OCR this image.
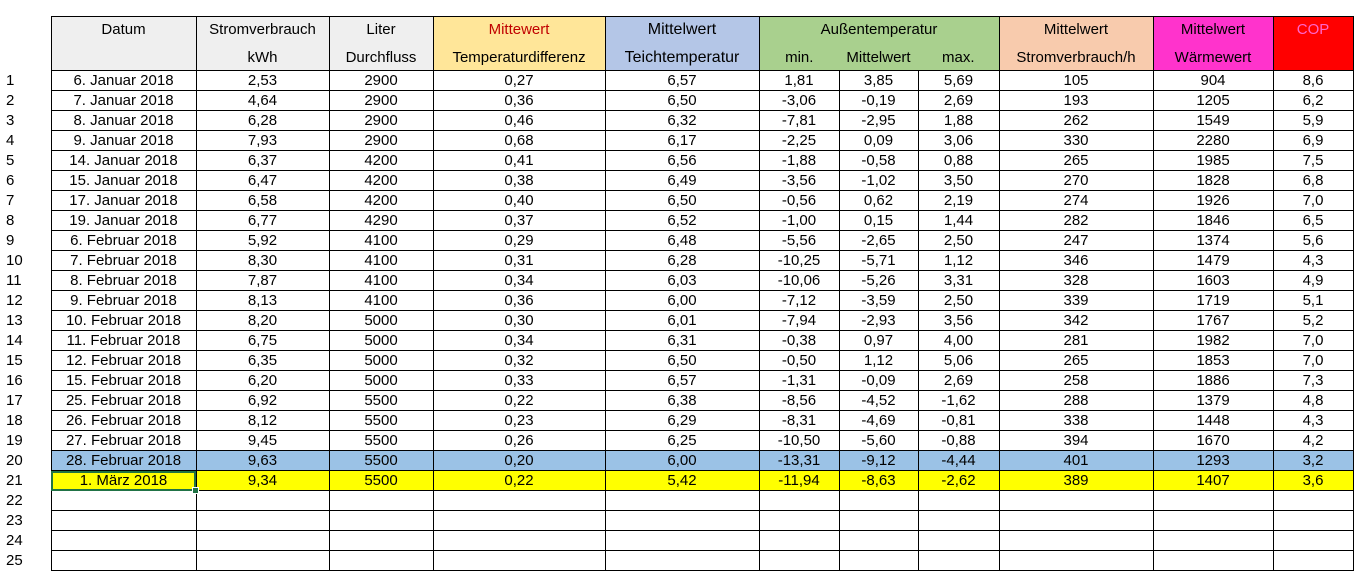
	Datum	Stromverbrauch	Liter	Mittewert	Mittelwert	Außentemperatur			Mittelwert	Mittelwert	COP
		kWh	Durchfluss	Temperaturdifferenz	Teichtemperatur	min.	Mittelwert	max.	Stromverbrauch/h	Wärmewert	
1	6. Januar 2018	2,53	2900	0,27	6,57	1,81	3,85	5,69	105	904	8,6
2	7. Januar 2018	4,64	2900	0,36	6,50	-3,06	-0,19	2,69	193	1205	6,2
3	8. Januar 2018	6,28	2900	0,46	6,32	-7,81	-2,95	1,88	262	1549	5,9
4	9. Januar 2018	7,93	2900	0,68	6,17	-2,25	0,09	3,06	330	2280	6,9
5	14. Januar 2018	6,37	4200	0,41	6,56	-1,88	-0,58	0,88	265	1985	7,5
6	15. Januar 2018	6,47	4200	0,38	6,49	-3,56	-1,02	3,50	270	1828	6,8
7	17. Januar 2018	6,58	4200	0,40	6,50	-0,56	0,62	2,19	274	1926	7,0
8	19. Januar 2018	6,77	4290	0,37	6,52	-1,00	0,15	1,44	282	1846	6,5
9	6. Februar 2018	5,92	4100	0,29	6,48	-5,56	-2,65	2,50	247	1374	5,6
10	7. Februar 2018	8,30	4100	0,31	6,28	-10,25	-5,71	1,12	346	1479	4,3
11	8. Februar 2018	7,87	4100	0,34	6,03	-10,06	-5,26	3,31	328	1603	4,9
12	9. Februar 2018	8,13	4100	0,36	6,00	-7,12	-3,59	2,50	339	1719	5,1
13	10. Februar 2018	8,20	5000	0,30	6,01	-7,94	-2,93	3,56	342	1767	5,2
14	11. Februar 2018	6,75	5000	0,34	6,31	-0,38	0,97	4,00	281	1982	7,0
15	12. Februar 2018	6,35	5000	0,32	6,50	-0,50	1,12	5,06	265	1853	7,0
16	15. Februar 2018	6,20	5000	0,33	6,57	-1,31	-0,09	2,69	258	1886	7,3
17	25. Februar 2018	6,92	5500	0,22	6,38	-8,56	-4,52	-1,62	288	1379	4,8
18	26. Februar 2018	8,12	5500	0,23	6,29	-8,31	-4,69	-0,81	338	1448	4,3
19	27. Februar 2018	9,45	5500	0,26	6,25	-10,50	-5,60	-0,88	394	1670	4,2
20	28. Februar 2018	9,63	5500	0,20	6,00	-13,31	-9,12	-4,44	401	1293	3,2
21	1. März 2018	9,34	5500	0,22	5,42	-11,94	-8,63	-2,62	389	1407	3,6
22											
23											
24											
25											
